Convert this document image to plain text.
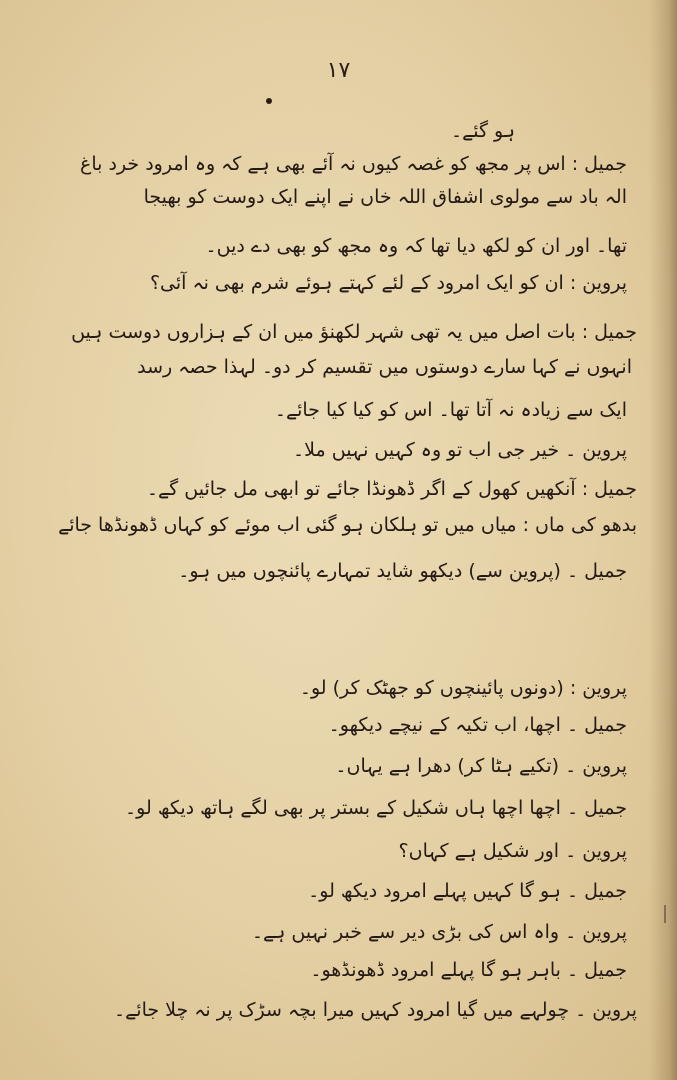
۱۷
ہو گئے۔
جمیل : اس پر مجھ کو غصہ کیوں نہ آئے بھی ہے کہ وہ امرود خرد باغ
الہ باد سے مولوی اشفاق اللہ خاں نے اپنے ایک دوست کو بھیجا
تھا۔ اور ان کو لکھ دیا تھا کہ وہ مجھ کو بھی دے دیں۔
پروین : ان کو ایک امرود کے لئے کہتے ہوئے شرم بھی نہ آئی؟
جمیل : بات اصل میں یہ تھی شہر لکھنؤ میں ان کے ہزاروں دوست ہیں
انہوں نے کہا سارے دوستوں میں تقسیم کر دو۔ لہذا حصہ رسد
ایک سے زیادہ نہ آتا تھا۔ اس کو کیا کیا جائے۔
پروین ۔ خیر جی اب تو وہ کہیں نہیں ملا۔
جمیل : آنکھیں کھول کے اگر ڈھونڈا جائے تو ابھی مل جائیں گے۔
بدھو کی ماں : میاں میں تو ہلکان ہو گئی اب موئے کو کہاں ڈھونڈھا جائے
جمیل ۔ (پروین سے) دیکھو شاید تمہارے پائنچوں میں ہو۔
پروین : (دونوں پائینچوں کو جھٹک کر) لو۔
جمیل ۔ اچھا، اب تکیہ کے نیچے دیکھو۔
پروین ۔ (تکیے ہٹا کر) دھرا ہے یہاں۔
جمیل ۔ اچھا اچھا ہاں شکیل کے بستر پر بھی لگے ہاتھ دیکھ لو۔
پروین ۔ اور شکیل ہے کہاں؟
جمیل ۔ ہو گا کہیں پہلے امرود دیکھ لو۔
پروین ۔ واہ اس کی بڑی دیر سے خبر نہیں ہے۔
جمیل ۔ باہر ہو گا پہلے امرود ڈھونڈھو۔
پروین ۔ چولہے میں گیا امرود کہیں میرا بچہ سڑک پر نہ چلا جائے۔
